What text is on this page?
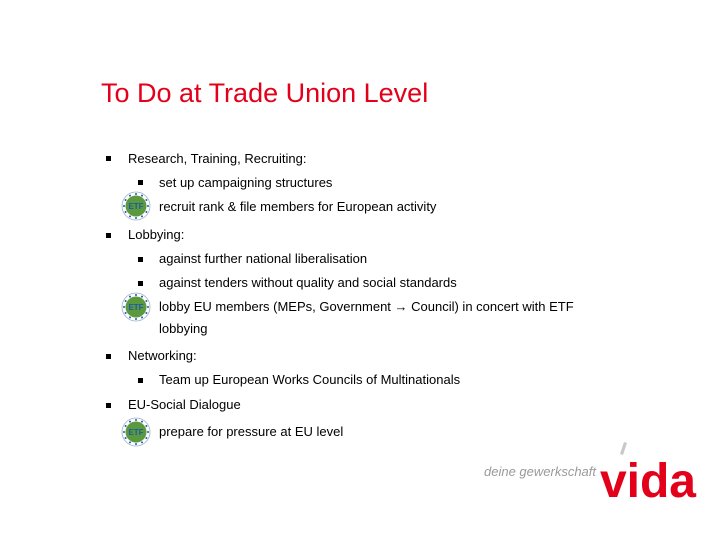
To Do at Trade Union Level
Research, Training, Recruiting:
set up campaigning structures
ETF recruit rank & file members for European activity
Lobbying:
against further national liberalisation
against tenders without quality and social standards
ETF lobby EU members (MEPs, Government → Council) in concert with ETF
lobbying
Networking:
Team up European Works Councils of Multinationals
EU-Social Dialogue
ETF prepare for pressure at EU level
deine gewerkschaft vida
